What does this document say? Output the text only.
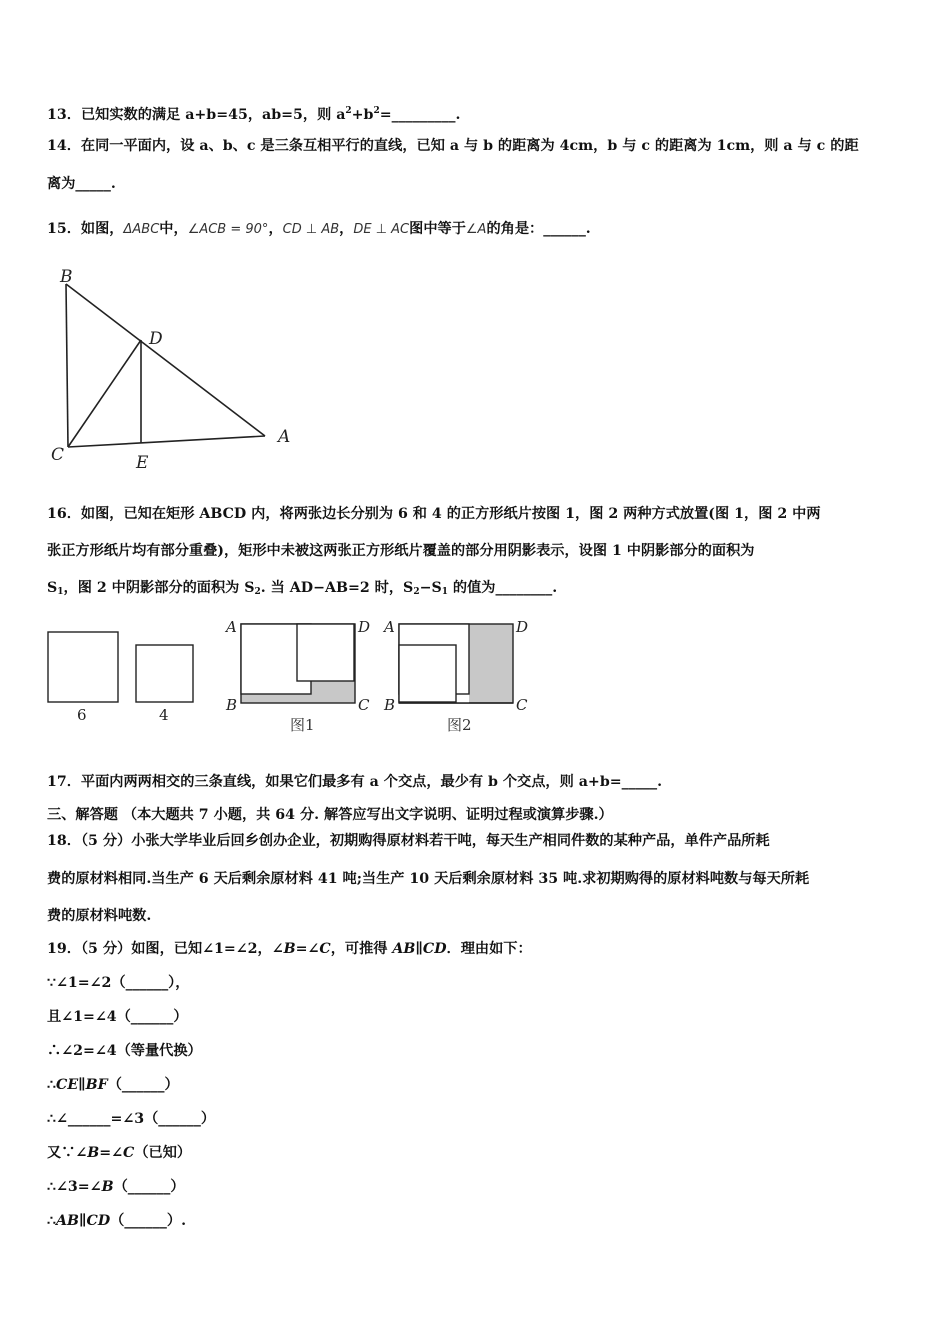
13．已知实数的满足 a+b=45，ab=5，则 $a^2+b^2=\_\_\_\_\_\_\_\_\_$.
14．在同一平面内，设 a、b、c 是三条互相平行的直线，已知 a 与 b 的距离为 4cm，b 与 c 的距离为 1cm，则 a 与 c 的距
离为_____.
15．如图，ΔABC中，∠ACB = 90°，CD ⊥ AB，DE ⊥ AC图中等于∠A的角是：______.
B
D
C	E
A
16．如图，已知在矩形 ABCD 内，将两张边长分别为 6 和 4 的正方形纸片按图 1，图 2 两种方式放置(图 1，图 2 中两
张正方形纸片均有部分重叠)，矩形中未被这两张正方形纸片覆盖的部分用阴影表示，设图 1 中阴影部分的面积为
$S_1$，图 2 中阴影部分的面积为 $S_2$. 当 AD−AB=2 时，$S_2-S_1$ 的值为________.
6	4
A	D
B	C
图1
A	D
B	C
图2
17．平面内两两相交的三条直线，如果它们最多有 a 个交点，最少有 b 个交点，则 a+b=_____.
三、解答题 （本大题共 7 小题，共 64 分. 解答应写出文字说明、证明过程或演算步骤.）
18．（5 分）小张大学毕业后回乡创办企业，初期购得原材料若干吨，每天生产相同件数的某种产品，单件产品所耗
费的原材料相同.当生产 6 天后剩余原材料 41 吨;当生产 10 天后剩余原材料 35 吨.求初期购得的原材料吨数与每天所耗
费的原材料吨数.
19．（5 分）如图，已知∠1=∠2，∠B=∠C，可推得 AB∥CD．理由如下：
∵∠1=∠2（______），
且∠1=∠4（______）
∴∠2=∠4（等量代换）
∴CE∥BF（______）
∴∠______=∠3（______）
又∵∠B=∠C（已知）
∴∠3=∠B（______）
∴AB∥CD（______）.
